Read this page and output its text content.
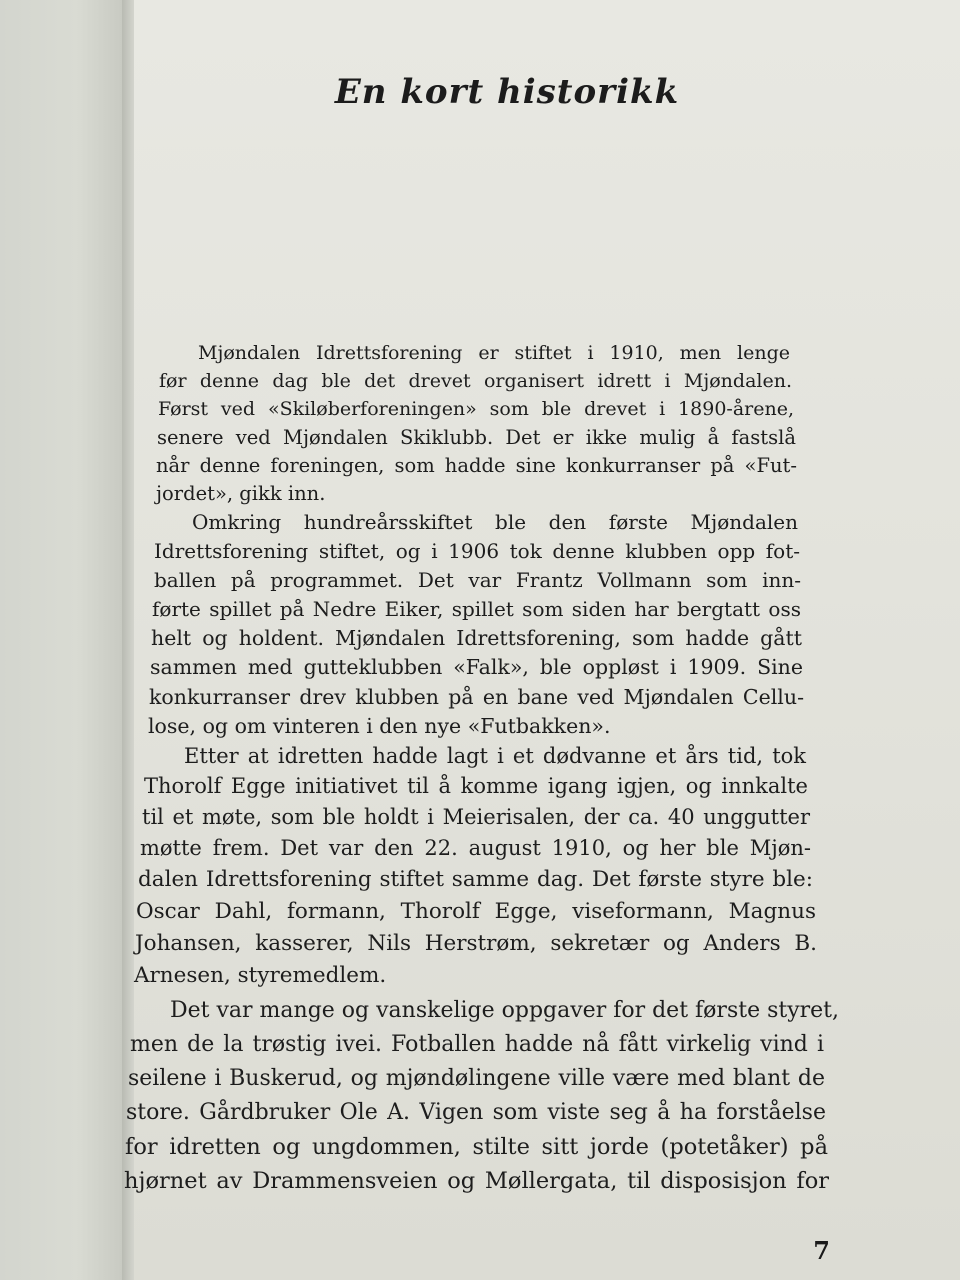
En kort historikk

Mjøndalen Idrettsforening er stiftet i 1910, men lenge

før denne dag ble det drevet organisert idrett i Mjøndalen.

Først ved «Skiløberforeningen» som ble drevet i 1890-årene,

senere ved Mjøndalen Skiklubb. Det er ikke mulig å fastslå

når denne foreningen, som hadde sine konkurranser på «Fut-

jordet», gikk inn.

Omkring hundreårsskiftet ble den første Mjøndalen

Idrettsforening stiftet, og i 1906 tok denne klubben opp fot-

ballen på programmet. Det var Frantz Vollmann som inn-

førte spillet på Nedre Eiker, spillet som siden har bergtatt oss

helt og holdent. Mjøndalen Idrettsforening, som hadde gått

sammen med gutteklubben «Falk», ble oppløst i 1909. Sine

konkurranser drev klubben på en bane ved Mjøndalen Cellu-

lose, og om vinteren i den nye «Futbakken».

Etter at idretten hadde lagt i et dødvanne et års tid, tok

Thorolf Egge initiativet til å komme igang igjen, og innkalte

til et møte, som ble holdt i Meierisalen, der ca. 40 unggutter

møtte frem. Det var den 22. august 1910, og her ble Mjøn-

dalen Idrettsforening stiftet samme dag. Det første styre ble:

Oscar Dahl, formann, Thorolf Egge, viseformann, Magnus

Johansen, kasserer, Nils Herstrøm, sekretær og Anders B.

Arnesen, styremedlem.

Det var mange og vanskelige oppgaver for det første styret,

men de la trøstig ivei. Fotballen hadde nå fått virkelig vind i

seilene i Buskerud, og mjøndølingene ville være med blant de

store. Gårdbruker Ole A. Vigen som viste seg å ha forståelse

for idretten og ungdommen, stilte sitt jorde (potetåker) på

hjørnet av Drammensveien og Møllergata, til disposisjon for

7
